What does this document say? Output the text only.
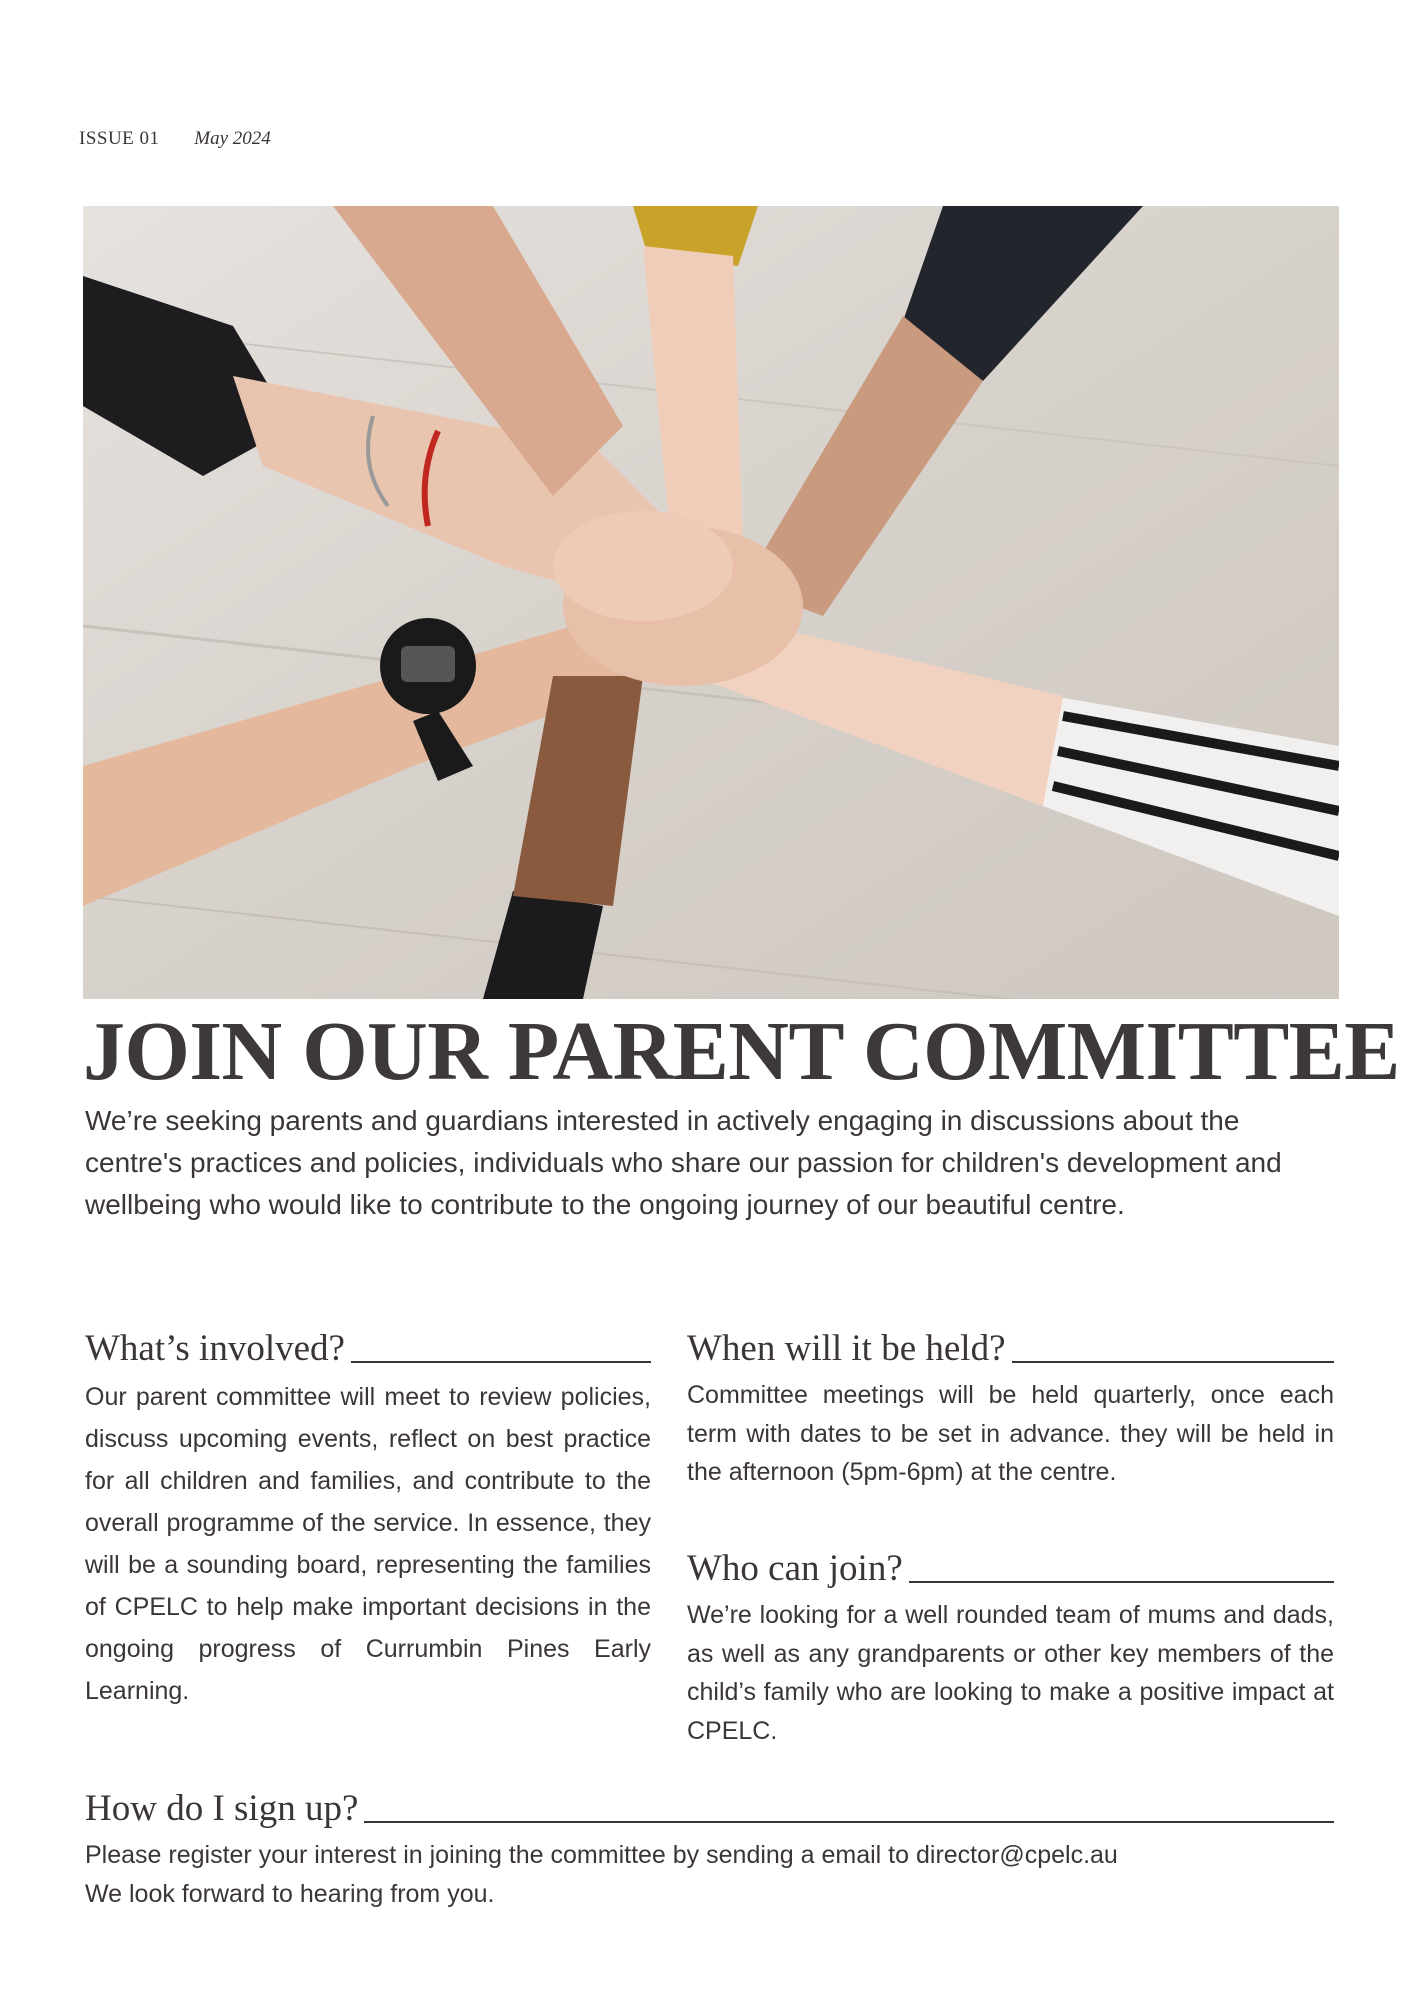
ISSUE 01 May 2024
JOIN OUR PARENT COMMITTEE

We’re seeking parents and guardians interested in actively engaging in discussions about the centre's practices and policies, individuals who share our passion for children's development and wellbeing who would like to contribute to the ongoing journey of our beautiful centre.

What’s involved?

Our parent committee will meet to review policies, discuss upcoming events, reflect on best practice for all children and families, and contribute to the overall programme of the service. In essence, they will be a sounding board, representing the families of CPELC to help make important decisions in the ongoing progress of Currumbin Pines Early Learning.

When will it be held?

Committee meetings will be held quarterly, once each term with dates to be set in advance. they will be held in the afternoon (5pm-6pm) at the centre.

Who can join?

We’re looking for a well rounded team of mums and dads, as well as any grandparents or other key members of the child’s family who are looking to make a positive impact at CPELC.

How do I sign up?

Please register your interest in joining the committee by sending a email to director@cpelc.au
We look forward to hearing from you.
